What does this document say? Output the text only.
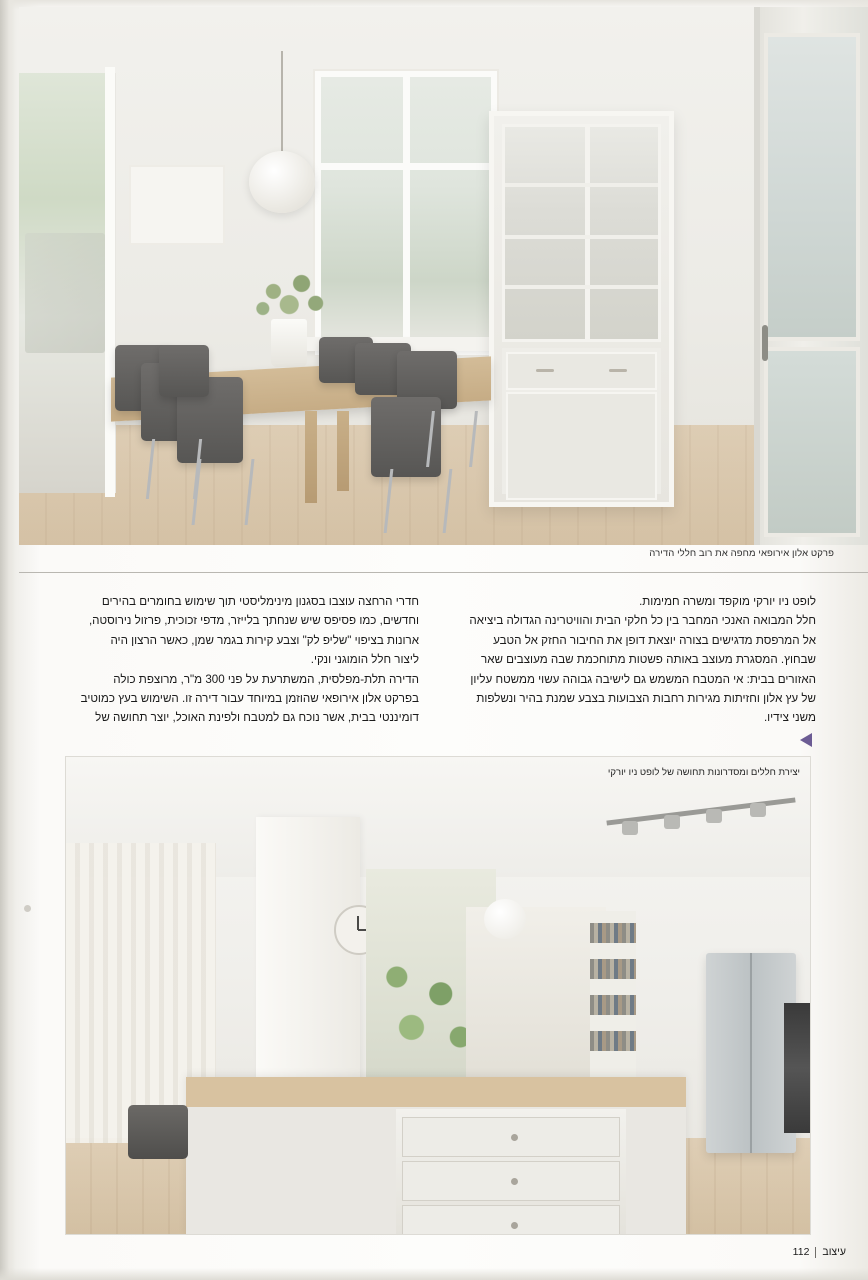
פרקט אלון אירופאי מחפה את רוב חללי הדירה

חדרי הרחצה עוצבו בסגנון מינימליסטי תוך שימוש בחומרים בהירים

וחדשים, כמו פסיפס שיש שנחתך בלייזר, מדפי זכוכית, פרזול נירוסטה,

ארונות בציפוי "שליפ לק" וצבע קירות בגמר שמן, כאשר הרצון היה

ליצור חלל הומוגני ונקי.

הדירה תלת-מפלסית, המשתרעת על פני 300 מ"ר, מרוצפת כולה

בפרקט אלון אירופאי שהוזמן במיוחד עבור דירה זו. השימוש בעץ כמוטיב

דומיננטי בבית, אשר נוכח גם למטבח ולפינת האוכל, יוצר תחושה של

לופט ניו יורקי מוקפד ומשרה חמימות.

חלל המבואה האנכי המחבר בין כל חלקי הבית והוויטרינה הגדולה ביציאה

אל המרפסת מדגישים בצורה יוצאת דופן את החיבור החזק אל הטבע

שבחוץ. המסגרת מעוצב באותה פשטות מתוחכמת שבה מעוצבים שאר

האזורים בבית: אי המטבח המשמש גם לישיבה גבוהה עשוי ממשטח עליון

של עץ אלון וחזיתות מגירות רחבות הצבועות בצבע שמנת בהיר ונשלפות

משני צידיו.

יצירת חללים ומסדרונות תחושה של לופט ניו יורקי
עיצוב
112
